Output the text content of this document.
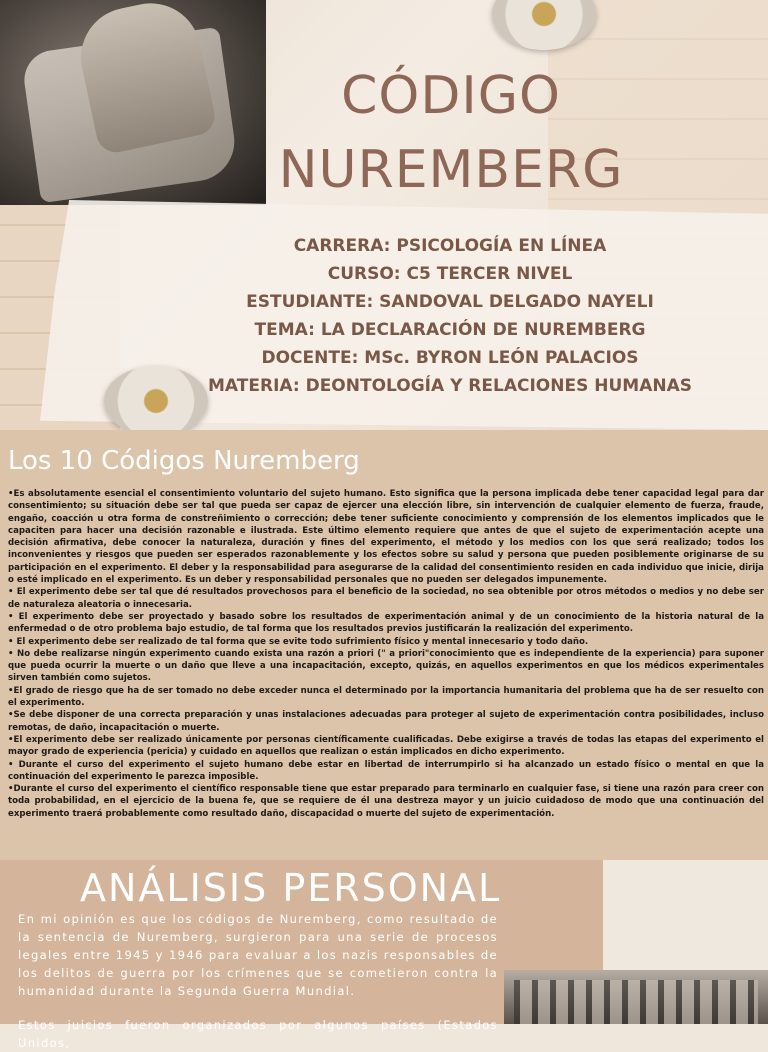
CÓDIGO
NUREMBERG
CARRERA: PSICOLOGÍA EN LÍNEA
CURSO: C5 TERCER NIVEL
ESTUDIANTE: SANDOVAL DELGADO NAYELI
TEMA: LA DECLARACIÓN DE NUREMBERG
DOCENTE: MSc. BYRON LEÓN PALACIOS
MATERIA: DEONTOLOGÍA Y RELACIONES HUMANAS
Los 10 Códigos Nuremberg

•Es absolutamente esencial el consentimiento voluntario del sujeto humano. Esto significa que la persona implicada debe tener capacidad legal para dar consentimiento; su situación debe ser tal que pueda ser capaz de ejercer una elección libre, sin intervención de cualquier elemento de fuerza, fraude, engaño, coacción u otra forma de constreñimiento o corrección; debe tener suficiente conocimiento y comprensión de los elementos implicados que le capaciten para hacer una decisión razonable e ilustrada. Este último elemento requiere que antes de que el sujeto de experimentación acepte una decisión afirmativa, debe conocer la naturaleza, duración y fines del experimento, el método y los medios con los que será realizado; todos los inconvenientes y riesgos que pueden ser esperados razonablemente y los efectos sobre su salud y persona que pueden posiblemente originarse de su participación en el experimento. El deber y la responsabilidad para asegurarse de la calidad del consentimiento residen en cada individuo que inicie, dirija o esté implicado en el experimento. Es un deber y responsabilidad personales que no pueden ser delegados impunemente.

• El experimento debe ser tal que dé resultados provechosos para el beneficio de la sociedad, no sea obtenible por otros métodos o medios y no debe ser de naturaleza aleatoria o innecesaria.

• El experimento debe ser proyectado y basado sobre los resultados de experimentación animal y de un conocimiento de la historia natural de la enfermedad o de otro problema bajo estudio, de tal forma que los resultados previos justificarán la realización del experimento.

• El experimento debe ser realizado de tal forma que se evite todo sufrimiento físico y mental innecesario y todo daño.

• No debe realizarse ningún experimento cuando exista una razón a priori (" a priori"conocimiento que es independiente de la experiencia) para suponer que pueda ocurrir la muerte o un daño que lleve a una incapacitación, excepto, quizás, en aquellos experimentos en que los médicos experimentales sirven también como sujetos.

•El grado de riesgo que ha de ser tomado no debe exceder nunca el determinado por la importancia humanitaria del problema que ha de ser resuelto con el experimento.

•Se debe disponer de una correcta preparación y unas instalaciones adecuadas para proteger al sujeto de experimentación contra posibilidades, incluso remotas, de daño, incapacitación o muerte.

•El experimento debe ser realizado únicamente por personas científicamente cualificadas. Debe exigirse a través de todas las etapas del experimento el mayor grado de experiencia (pericia) y cuidado en aquellos que realizan o están implicados en dicho experimento.

• Durante el curso del experimento el sujeto humano debe estar en libertad de interrumpirlo si ha alcanzado un estado físico o mental en que la continuación del experimento le parezca imposible.

•Durante el curso del experimento el científico responsable tiene que estar preparado para terminarlo en cualquier fase, si tiene una razón para creer con toda probabilidad, en el ejercicio de la buena fe, que se requiere de él una destreza mayor y un juicio cuidadoso de modo que una continuación del experimento traerá probablemente como resultado daño, discapacidad o muerte del sujeto de experimentación.

ANÁLISIS PERSONAL
En mi opinión es que los códigos de Nuremberg, como resultado de la sentencia de Nuremberg, surgieron para una serie de procesos legales entre 1945 y 1946 para evaluar a los nazis responsables de los delitos de guerra por los crímenes que se cometieron contra la humanidad durante la Segunda Guerra Mundial.
Estos juicios fueron organizados por algunos países (Estados Unidos,
